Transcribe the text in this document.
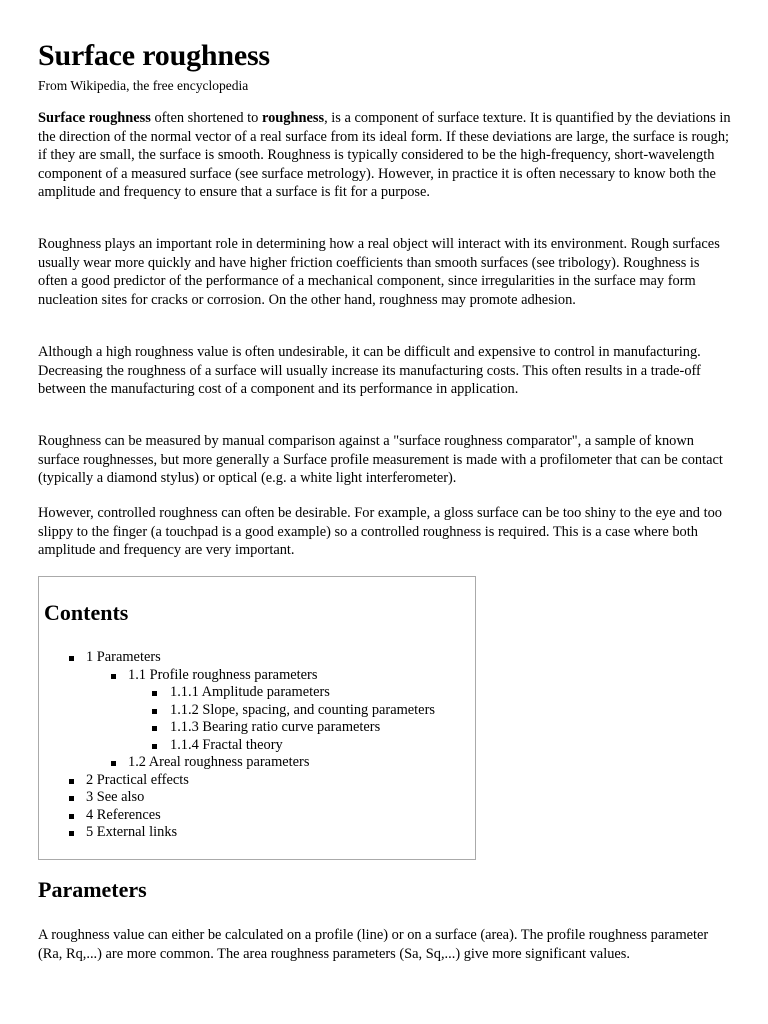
Surface roughness
From Wikipedia, the free encyclopedia

Surface roughness often shortened to roughness, is a component of surface texture. It is quantified by the deviations in the direction of the normal vector of a real surface from its ideal form. If these deviations are large, the surface is rough; if they are small, the surface is smooth. Roughness is typically considered to be the high-frequency, short-wavelength component of a measured surface (see surface metrology). However, in practice it is often necessary to know both the amplitude and frequency to ensure that a surface is fit for a purpose.

Roughness plays an important role in determining how a real object will interact with its environment. Rough surfaces usually wear more quickly and have higher friction coefficients than smooth surfaces (see tribology). Roughness is often a good predictor of the performance of a mechanical component, since irregularities in the surface may form nucleation sites for cracks or corrosion. On the other hand, roughness may promote adhesion.

Although a high roughness value is often undesirable, it can be difficult and expensive to control in manufacturing. Decreasing the roughness of a surface will usually increase its manufacturing costs. This often results in a trade-off between the manufacturing cost of a component and its performance in application.

Roughness can be measured by manual comparison against a "surface roughness comparator", a sample of known surface roughnesses, but more generally a Surface profile measurement is made with a profilometer that can be contact (typically a diamond stylus) or optical (e.g. a white light interferometer).

However, controlled roughness can often be desirable. For example, a gloss surface can be too shiny to the eye and too slippy to the finger (a touchpad is a good example) so a controlled roughness is required. This is a case where both amplitude and frequency are very important.

Contents
1 Parameters
1.1 Profile roughness parameters
1.1.1 Amplitude parameters
1.1.2 Slope, spacing, and counting parameters
1.1.3 Bearing ratio curve parameters
1.1.4 Fractal theory
1.2 Areal roughness parameters
2 Practical effects
3 See also
4 References
5 External links
Parameters

A roughness value can either be calculated on a profile (line) or on a surface (area). The profile roughness parameter (Ra, Rq,...) are more common. The area roughness parameters (Sa, Sq,...) give more significant values.
